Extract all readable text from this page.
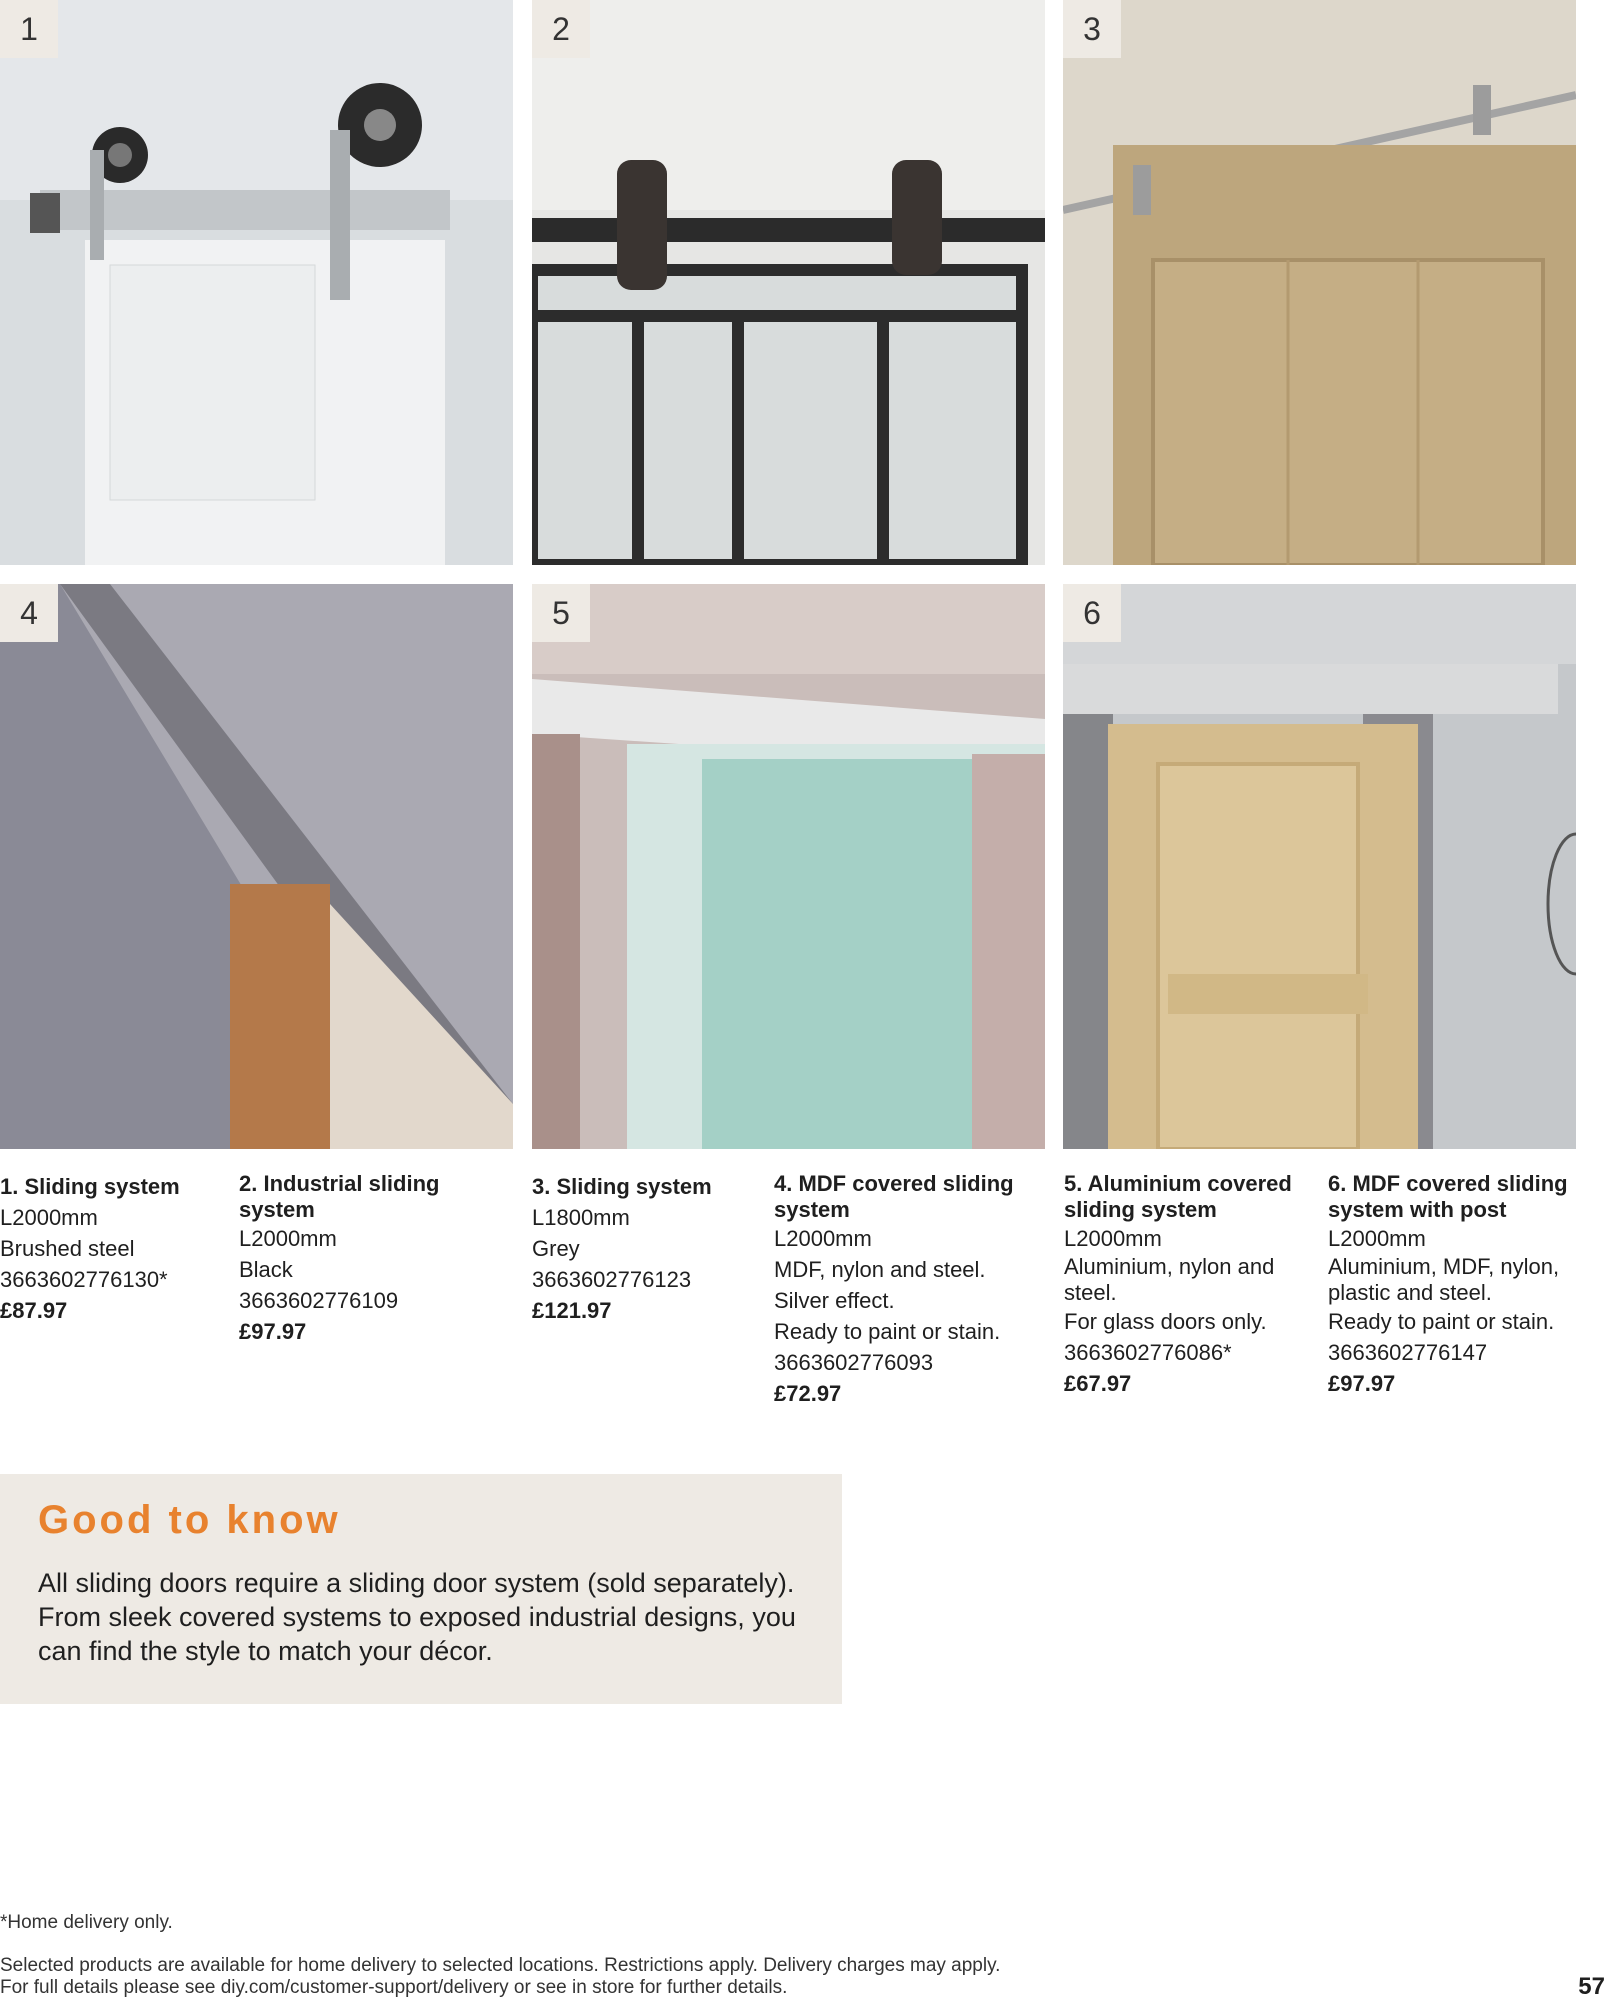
1	2	3
4	5	6
1. Sliding system
L2000mm
Brushed steel
3663602776130*
£87.97
2. Industrial sliding system
L2000mm
Black
3663602776109
£97.97
3. Sliding system
L1800mm
Grey
3663602776123
£121.97
4. MDF covered sliding system
L2000mm
MDF, nylon and steel.
Silver effect.
Ready to paint or stain.
3663602776093
£72.97
5. Aluminium covered sliding system
L2000mm
Aluminium, nylon and steel.
For glass doors only.
3663602776086*
£67.97
6. MDF covered sliding system with post
L2000mm
Aluminium, MDF, nylon, plastic and steel.
Ready to paint or stain.
3663602776147
£97.97
Good to know

All sliding doors require a sliding door system (sold separately). From sleek covered systems to exposed industrial designs, you can find the style to match your décor.

*Home delivery only.
Selected products are available for home delivery to selected locations. Restrictions apply. Delivery charges may apply.
For full details please see diy.com/customer-support/delivery or see in store for further details.	57
